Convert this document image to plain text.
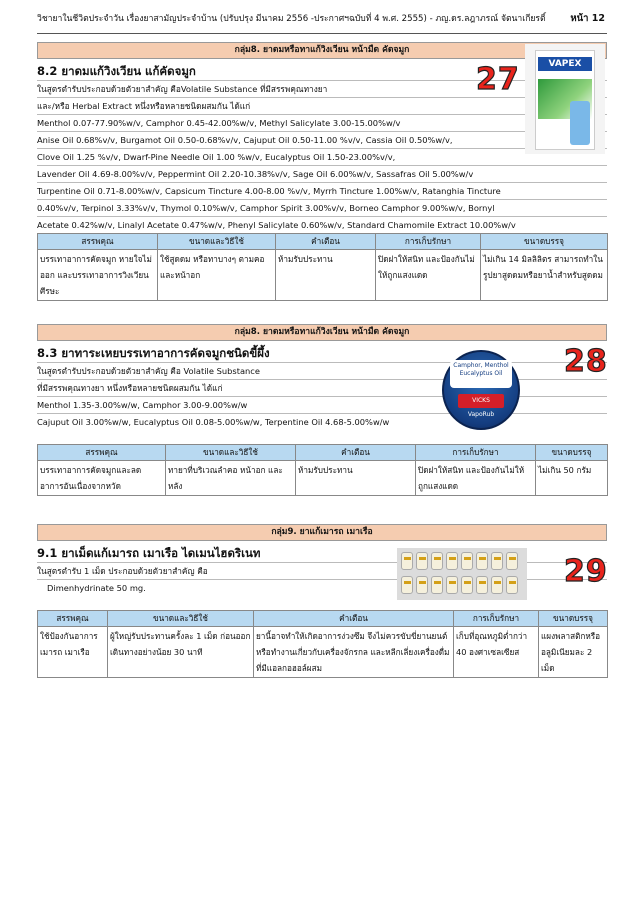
วิชายาในชีวิตประจำวัน เรื่องยาสามัญประจำบ้าน (ปรับปรุง มีนาคม 2556 -ประกาศฯฉบับที่ 4 พ.ศ. 2555) - ภญ.ดร.ลฎาภรณ์ จัตนาเกียรติ์	หน้า 12
กลุ่ม8. ยาดมหรือทาแก้วิงเวียน หน้ามืด คัดจมูก
8.2 ยาดมแก้วิงเวียน แก้คัดจมูก
ในสูตรตำรับประกอบด้วยตัวยาสำคัญ คือVolatile Substance ที่มีสรรพคุณทางยา
และ/หรือ Herbal Extract หนึ่งหรือหลายชนิดผสมกัน ได้แก่
Menthol 0.07-77.90%w/v, Camphor 0.45-42.00%w/v, Methyl Salicylate 3.00-15.00%w/v
Anise Oil 0.68%v/v, Burgamot Oil 0.50-0.68%v/v, Cajuput Oil 0.50-11.00 %v/v, Cassia Oil 0.50%w/v,
Clove Oil 1.25 %v/v, Dwarf-Pine Needle Oil 1.00 %w/v, Eucalyptus Oil 1.50-23.00%v/v,
Lavender Oil 4.69-8.00%v/v, Peppermint Oil 2.20-10.38%v/v, Sage Oil 6.00%w/v, Sassafras Oil 5.00%w/v
Turpentine Oil 0.71-8.00%w/v, Capsicum Tincture 4.00-8.00 %v/v, Myrrh Tincture 1.00%w/v, Ratanghia Tincture
0.40%v/v, Terpinol 3.33%v/v, Thymol 0.10%w/v, Camphor Spirit 3.00%v/v, Borneo Camphor 9.00%w/v, Bornyl
Acetate 0.42%w/v, Linalyl Acetate 0.47%w/v, Phenyl Salicylate 0.60%w/v, Standard Chamomile Extract 10.00%w/v
สรรพคุณ	ขนาดและวิธีใช้	คำเตือน	การเก็บรักษา	ขนาดบรรจุ
บรรเทาอาการคัดจมูก หายใจไม่ออก และบรรเทาอาการวิงเวียนศีรษะ	ใช้สูดดม หรือทาบางๆ ตามคอและหน้าอก	ห้ามรับประทาน	ปิดฝาให้สนิท และป้องกันไม่ให้ถูกแสงแดด	ไม่เกิน 14 มิลลิลิตร สามารถทำในรูปยาสูดดมหรือยาน้ำสำหรับสูดดม
27	VAPEX
กลุ่ม8. ยาดมหรือทาแก้วิงเวียน หน้ามืด คัดจมูก
8.3 ยาทาระเหยบรรเทาอาการคัดจมูกชนิดขี้ผึ้ง
ในสูตรตำรับประกอบด้วยตัวยาสำคัญ คือ Volatile Substance
ที่มีสรรพคุณทางยา หนึ่งหรือหลายชนิดผสมกัน ได้แก่
Menthol 1.35-3.00%w/w, Camphor 3.00-9.00%w/w
Cajuput Oil 3.00%w/w, Eucalyptus Oil 0.08-5.00%w/w, Terpentine Oil 4.68-5.00%w/w
สรรพคุณ	ขนาดและวิธีใช้	คำเตือน	การเก็บรักษา	ขนาดบรรจุ
บรรเทาอาการคัดจมูกและลดอาการอันเนื่องจากหวัด	ทายาที่บริเวณลำคอ หน้าอก และหลัง	ห้ามรับประทาน	ปิดฝาให้สนิท และป้องกันไม่ให้ถูกแสงแดด	ไม่เกิน 50 กรัม
28
Camphor, Menthol Eucalyptus Oil
VICKS VapoRub
กลุ่ม9. ยาแก้เมารถ เมาเรือ
9.1 ยาเม็ดแก้เมารถ เมาเรือ ไดเมนไฮดริเนท
ในสูตรตำรับ 1 เม็ด ประกอบด้วยตัวยาสำคัญ คือ
Dimenhydrinate 50 mg.
สรรพคุณ	ขนาดและวิธีใช้	คำเตือน	การเก็บรักษา	ขนาดบรรจุ
ใช้ป้องกันอาการเมารถ เมาเรือ	ผู้ใหญ่รับประทานครั้งละ 1 เม็ด ก่อนออกเดินทางอย่างน้อย 30 นาที	ยานี้อาจทำให้เกิดอาการง่วงซึม จึงไม่ควรขับขี่ยานยนต์หรือทำงานเกี่ยวกับเครื่องจักรกล และหลีกเลี่ยงเครื่องดื่มที่มีแอลกอฮอล์ผสม	เก็บที่อุณหภูมิต่ำกว่า 40 องศาเซลเซียส	แผงพลาสติกหรืออลูมิเนียมละ 2 เม็ด
29
